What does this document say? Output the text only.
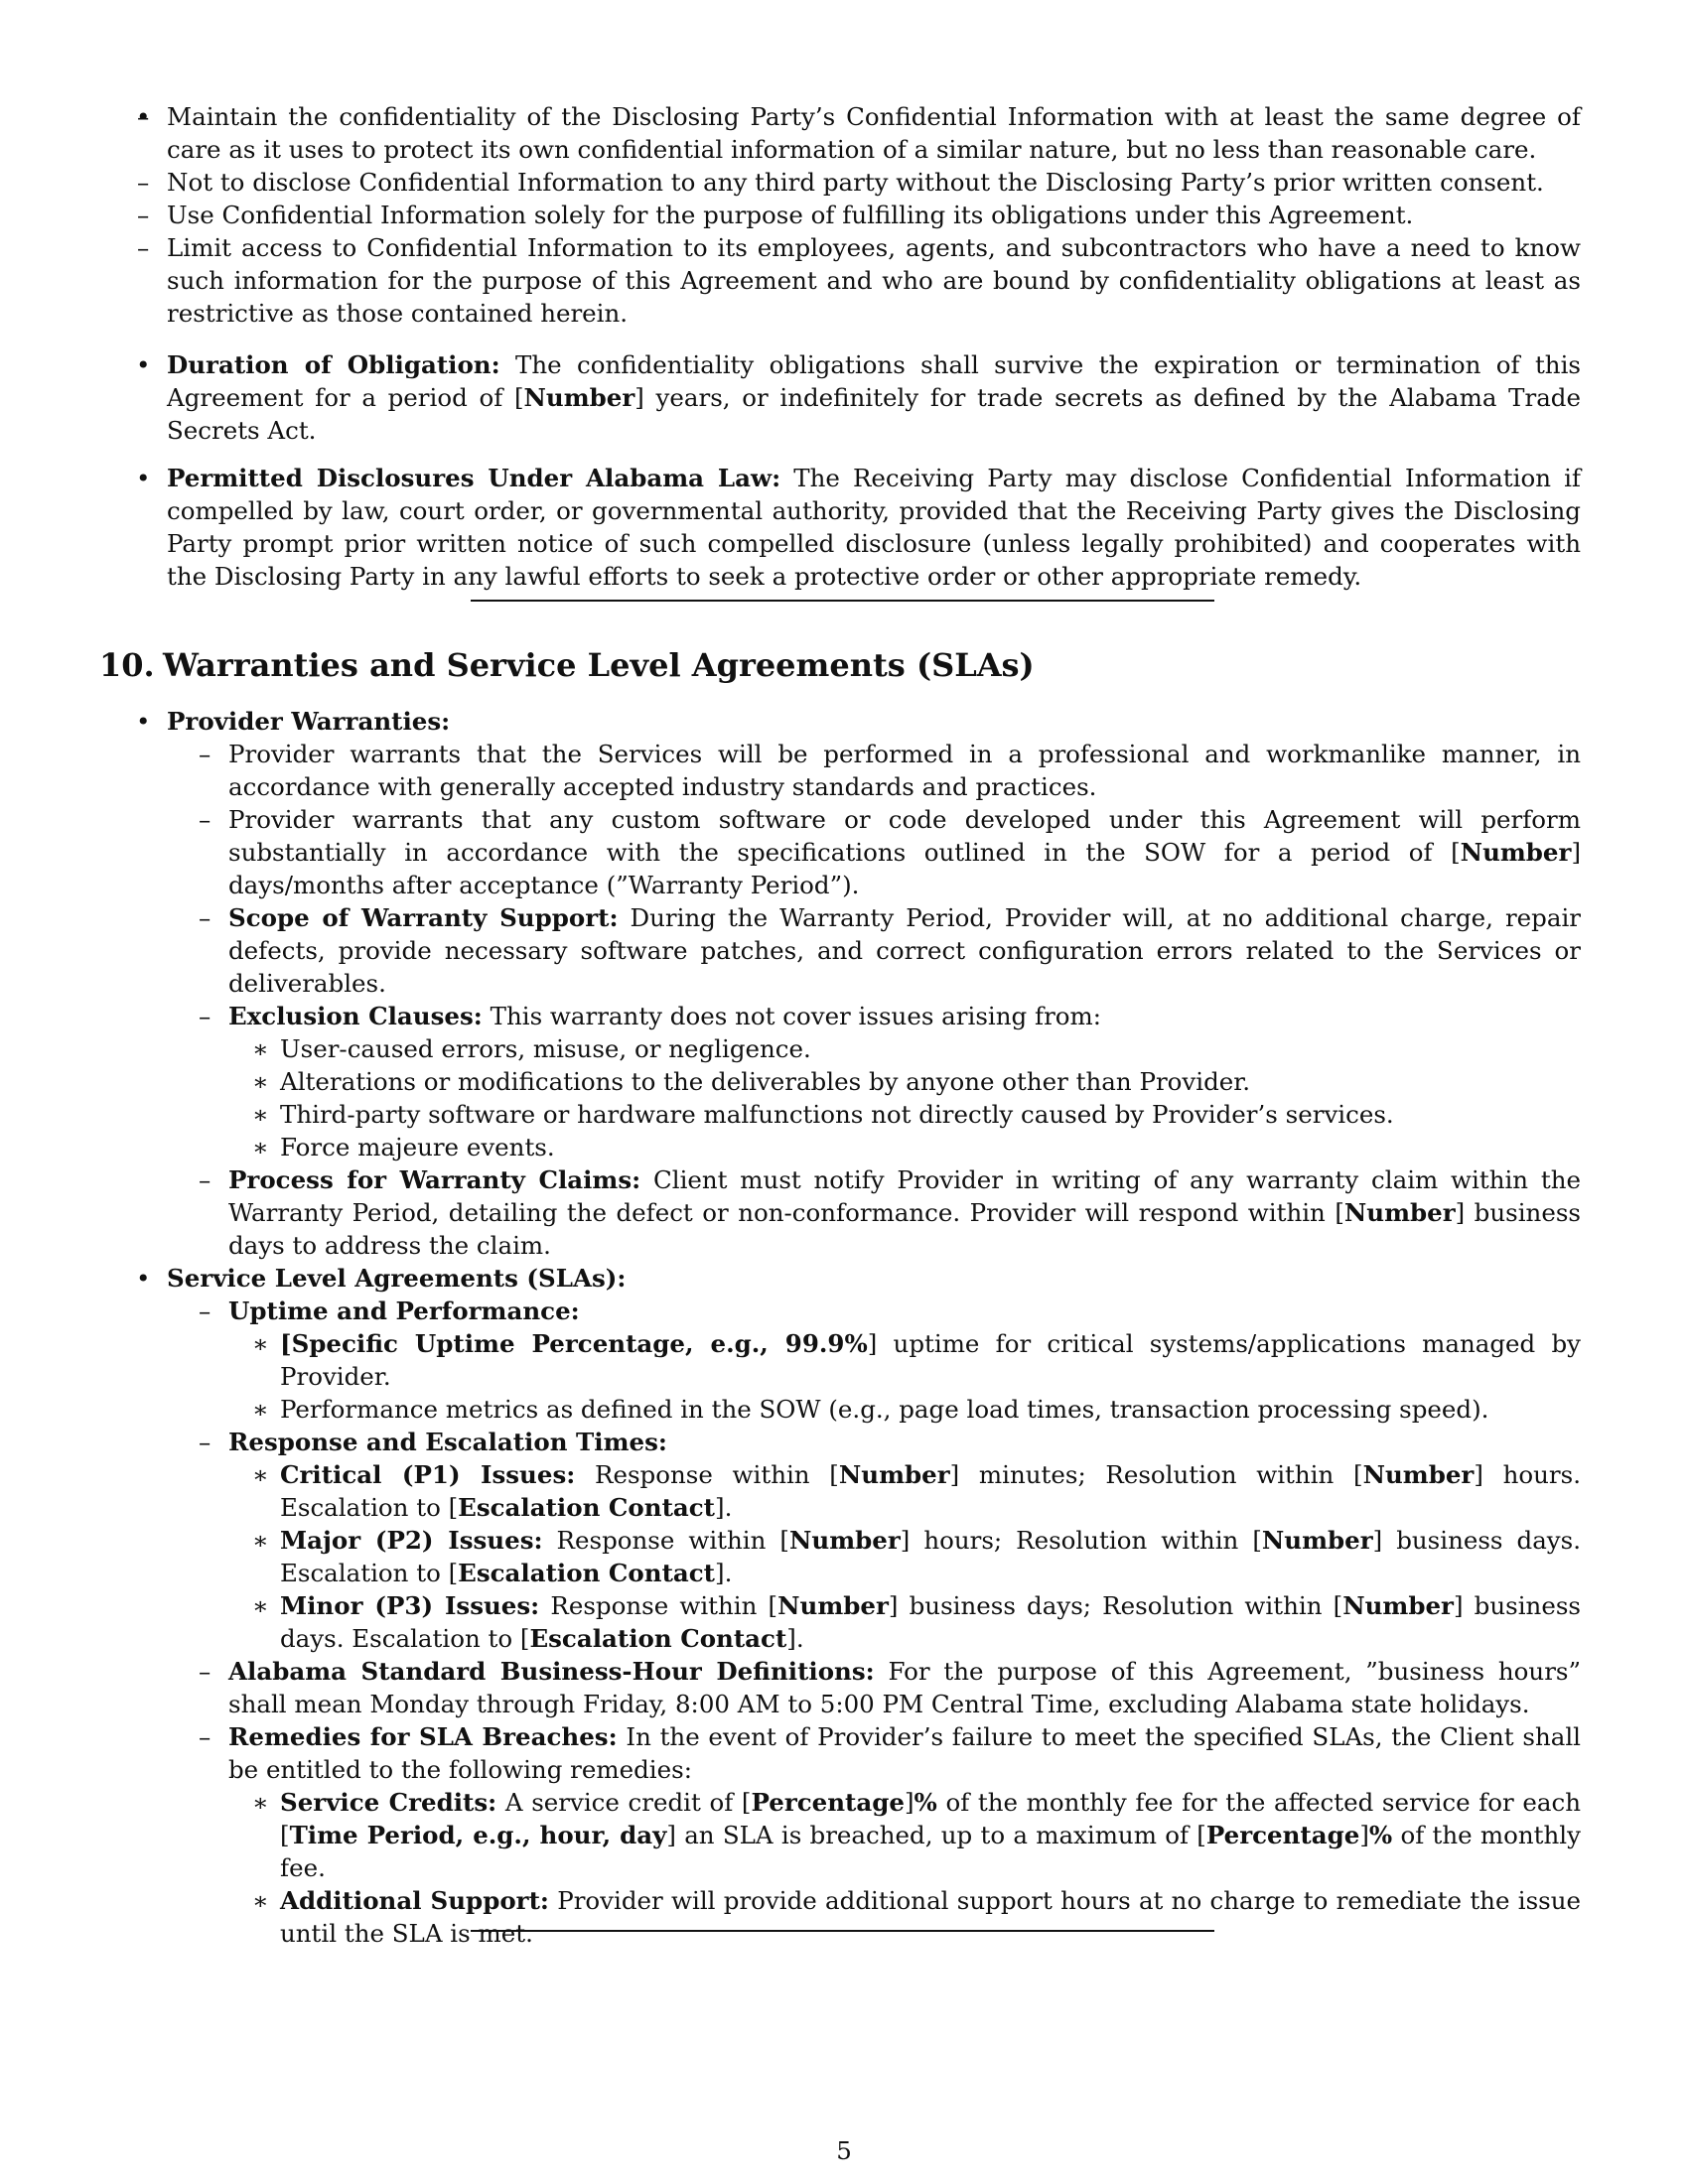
– • Maintain the confidentiality of the Disclosing Party’s Confidential Information with at least the same degree of care as it uses to protect its own confidential information of a similar nature, but no less than reasonable care.
– Not to disclose Confidential Information to any third party without the Disclosing Party’s prior written consent.
– Use Confidential Information solely for the purpose of fulfilling its obligations under this Agreement.
– Limit access to Confidential Information to its employees, agents, and subcontractors who have a need to know such information for the purpose of this Agreement and who are bound by confidentiality obligations at least as restrictive as those contained herein.
• Duration of Obligation: The confidentiality obligations shall survive the expiration or termination of this Agreement for a period of [Number] years, or indefinitely for trade secrets as defined by the Alabama Trade Secrets Act.
• Permitted Disclosures Under Alabama Law: The Receiving Party may disclose Confidential Information if compelled by law, court order, or governmental authority, provided that the Receiving Party gives the Disclosing Party prompt prior written notice of such compelled disclosure (unless legally prohibited) and cooperates with the Disclosing Party in any lawful efforts to seek a protective order or other appropriate remedy.
10. Warranties and Service Level Agreements (SLAs)
• Provider Warranties:
– Provider warrants that the Services will be performed in a professional and workmanlike manner, in accordance with generally accepted industry standards and practices.
– Provider warrants that any custom software or code developed under this Agreement will perform substantially in accordance with the specifications outlined in the SOW for a period of [Number] days/months after acceptance (”Warranty Period”).
– Scope of Warranty Support: During the Warranty Period, Provider will, at no additional charge, repair defects, provide necessary software patches, and correct configuration errors related to the Services or deliverables.
– Exclusion Clauses: This warranty does not cover issues arising from:
∗ User-caused errors, misuse, or negligence.
∗ Alterations or modifications to the deliverables by anyone other than Provider.
∗ Third-party software or hardware malfunctions not directly caused by Provider’s services.
∗ Force majeure events.
– Process for Warranty Claims: Client must notify Provider in writing of any warranty claim within the Warranty Period, detailing the defect or non-conformance. Provider will respond within [Number] business days to address the claim.
• Service Level Agreements (SLAs):
– Uptime and Performance:
∗ [Specific Uptime Percentage, e.g., 99.9%] uptime for critical systems/applications managed by Provider.
∗ Performance metrics as defined in the SOW (e.g., page load times, transaction processing speed).
– Response and Escalation Times:
∗ Critical (P1) Issues: Response within [Number] minutes; Resolution within [Number] hours. Escalation to [Escalation Contact].
∗ Major (P2) Issues: Response within [Number] hours; Resolution within [Number] business days. Escalation to [Escalation Contact].
∗ Minor (P3) Issues: Response within [Number] business days; Resolution within [Number] business days. Escalation to [Escalation Contact].
– Alabama Standard Business-Hour Definitions: For the purpose of this Agreement, ”business hours” shall mean Monday through Friday, 8:00 AM to 5:00 PM Central Time, excluding Alabama state holidays.
– Remedies for SLA Breaches: In the event of Provider’s failure to meet the specified SLAs, the Client shall be entitled to the following remedies:
∗ Service Credits: A service credit of [Percentage]% of the monthly fee for the affected service for each [Time Period, e.g., hour, day] an SLA is breached, up to a maximum of [Percentage]% of the monthly fee.
∗ Additional Support: Provider will provide additional support hours at no charge to remediate the issue until the SLA is met.
5
